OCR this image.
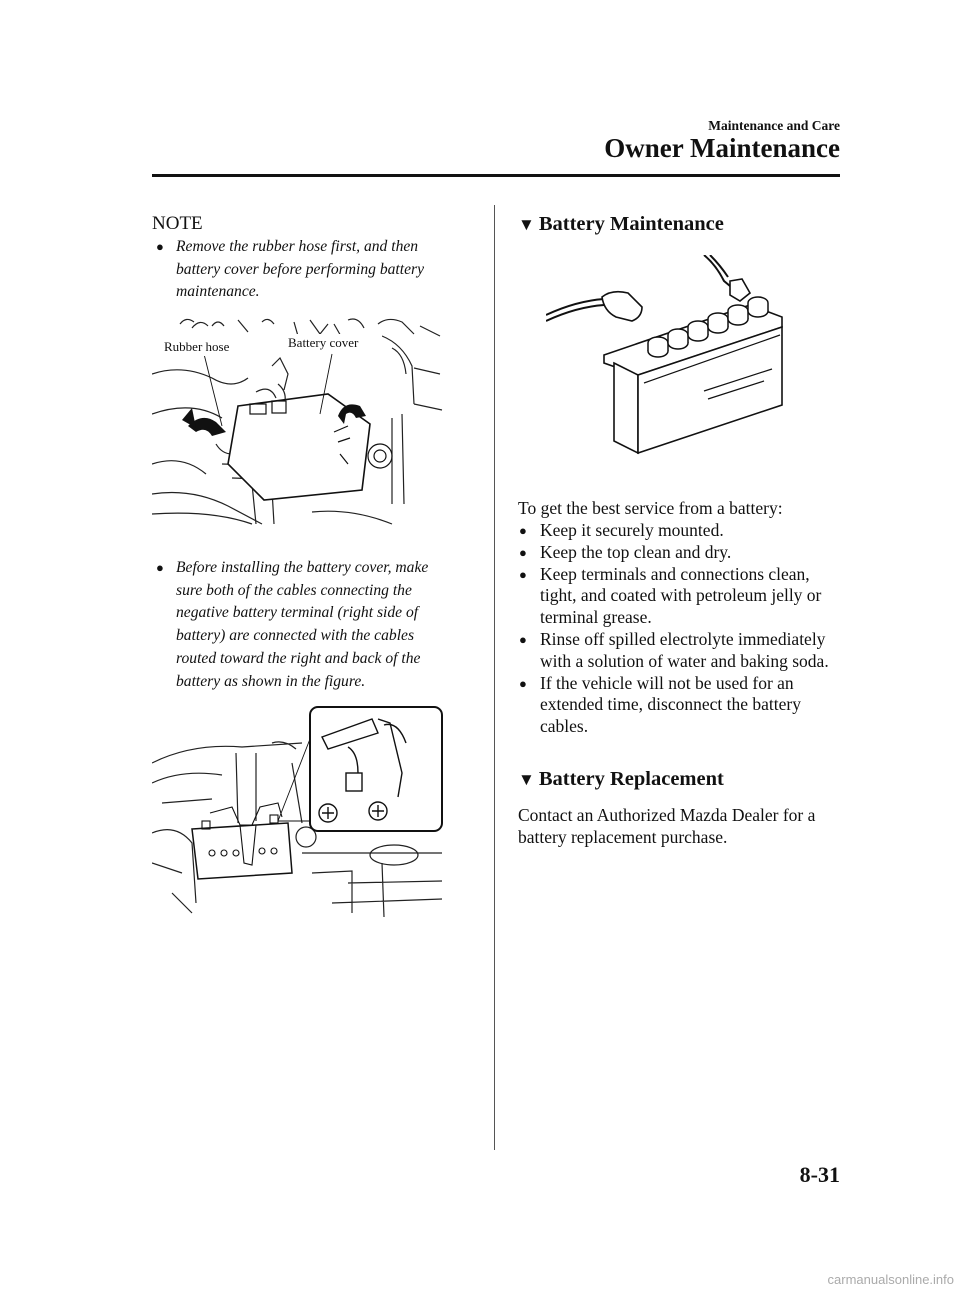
Maintenance and Care
Owner Maintenance
NOTE
● Remove the rubber hose first, and then battery cover before performing battery maintenance.
Rubber hose	Battery cover
● Before installing the battery cover, make sure both of the cables connecting the negative battery terminal (right side of battery) are connected with the cables routed toward the right and back of the battery as shown in the figure.
▼ Battery Maintenance
To get the best service from a battery:
● Keep it securely mounted.
● Keep the top clean and dry.
● Keep terminals and connections clean, tight, and coated with petroleum jelly or terminal grease.
● Rinse off spilled electrolyte immediately with a solution of water and baking soda.
● If the vehicle will not be used for an extended time, disconnect the battery cables.
▼ Battery Replacement
Contact an Authorized Mazda Dealer for a battery replacement purchase.
8-31
carmanualsonline.info
